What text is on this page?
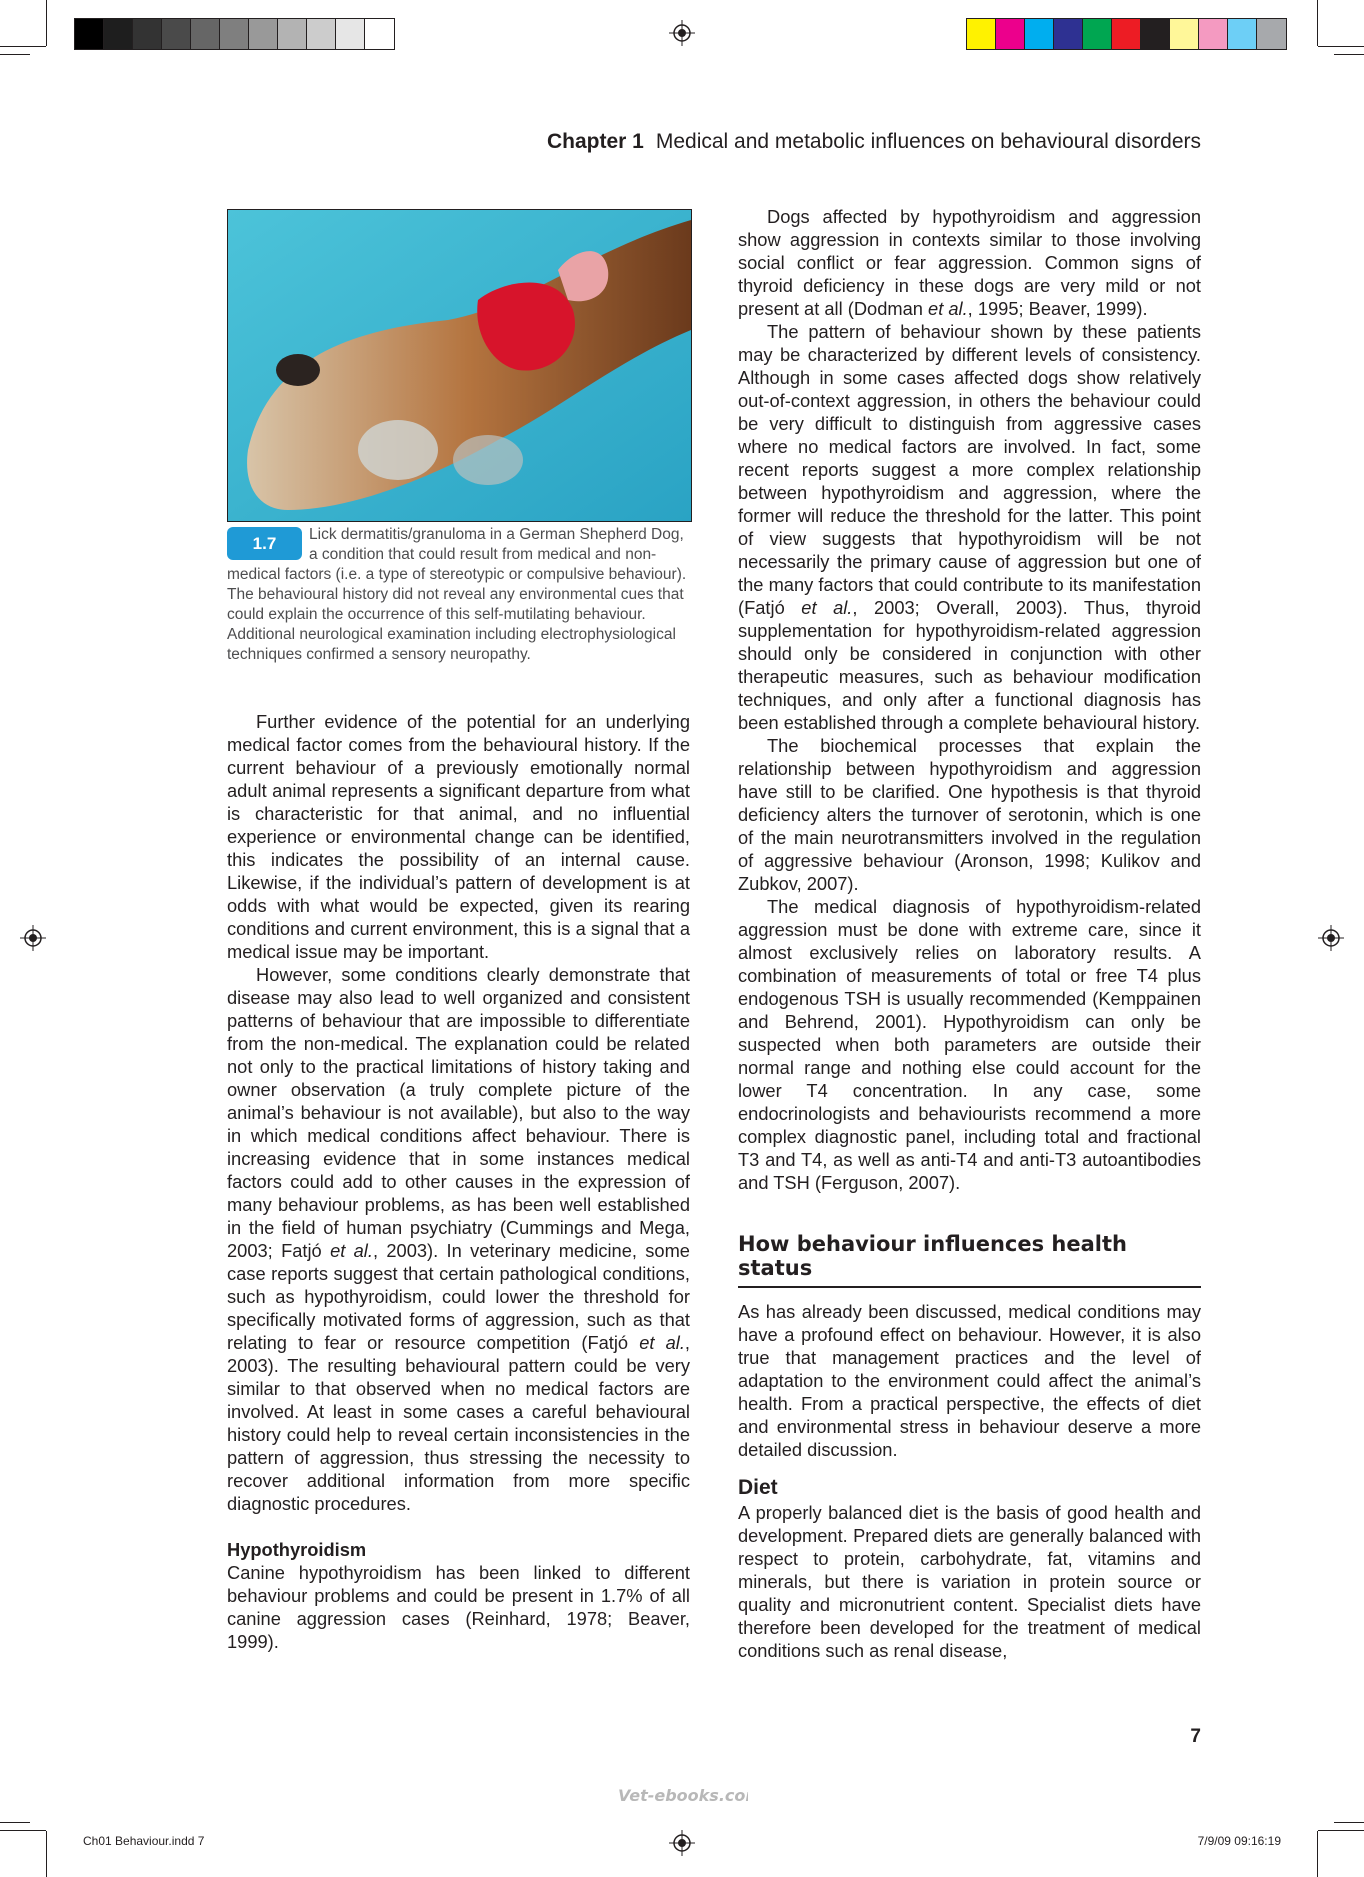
Chapter 1 Medical and metabolic influences on behavioural disorders
1.7	Lick dermatitis/granuloma in a German Shepherd Dog, a condition that could result from medical and non-medical factors (i.e. a type of stereotypic or compulsive behaviour). The behavioural history did not reveal any environmental cues that could explain the occurrence of this self-mutilating behaviour. Additional neurological examination including electrophysiological techniques confirmed a sensory neuropathy.

Further evidence of the potential for an underlying medical factor comes from the behavioural history. If the current behaviour of a previously emotionally normal adult animal represents a significant departure from what is characteristic for that animal, and no influential experience or environmental change can be identified, this indicates the possibility of an internal cause. Likewise, if the individual’s pattern of development is at odds with what would be expected, given its rearing conditions and current environment, this is a signal that a medical issue may be important.

However, some conditions clearly demonstrate that disease may also lead to well organized and consistent patterns of behaviour that are impossible to differentiate from the non-medical. The explanation could be related not only to the practical limitations of history taking and owner observation (a truly complete picture of the animal’s behaviour is not available), but also to the way in which medical conditions affect behaviour. There is increasing evidence that in some instances medical factors could add to other causes in the expression of many behaviour problems, as has been well established in the field of human psychiatry (Cummings and Mega, 2003; Fatjó et al., 2003). In veterinary medicine, some case reports suggest that certain pathological conditions, such as hypothyroidism, could lower the threshold for specifically motivated forms of aggression, such as that relating to fear or resource competition (Fatjó et al., 2003). The resulting behavioural pattern could be very similar to that observed when no medical factors are involved. At least in some cases a careful behavioural history could help to reveal certain inconsistencies in the pattern of aggression, thus stressing the necessity to recover additional information from more specific diagnostic procedures.

Hypothyroidism

Canine hypothyroidism has been linked to different behaviour problems and could be present in 1.7% of all canine aggression cases (Reinhard, 1978; Beaver, 1999).

Dogs affected by hypothyroidism and aggression show aggression in contexts similar to those involving social conflict or fear aggression. Common signs of thyroid deficiency in these dogs are very mild or not present at all (Dodman et al., 1995; Beaver, 1999).

The pattern of behaviour shown by these patients may be characterized by different levels of consistency. Although in some cases affected dogs show relatively out-of-context aggression, in others the behaviour could be very difficult to distinguish from aggressive cases where no medical factors are involved. In fact, some recent reports suggest a more complex relationship between hypothyroidism and aggression, where the former will reduce the threshold for the latter. This point of view suggests that hypothyroidism will be not necessarily the primary cause of aggression but one of the many factors that could contribute to its manifestation (Fatjó et al., 2003; Overall, 2003). Thus, thyroid supplementation for hypothyroidism-related aggression should only be considered in conjunction with other therapeutic measures, such as behaviour modification techniques, and only after a functional diagnosis has been established through a complete behavioural history.

The biochemical processes that explain the relationship between hypothyroidism and aggression have still to be clarified. One hypothesis is that thyroid deficiency alters the turnover of serotonin, which is one of the main neurotransmitters involved in the regulation of aggressive behaviour (Aronson, 1998; Kulikov and Zubkov, 2007).

The medical diagnosis of hypothyroidism-related aggression must be done with extreme care, since it almost exclusively relies on laboratory results. A combination of measurements of total or free T4 plus endogenous TSH is usually recommended (Kemppainen and Behrend, 2001). Hypothyroidism can only be suspected when both parameters are outside their normal range and nothing else could account for the lower T4 concentration. In any case, some endocrinologists and behaviourists recommend a more complex diagnostic panel, including total and fractional T3 and T4, as well as anti-T4 and anti-T3 autoantibodies and TSH (Ferguson, 2007).

How behaviour influences health status

As has already been discussed, medical conditions may have a profound effect on behaviour. However, it is also true that management practices and the level of adaptation to the environment could affect the animal’s health. From a practical perspective, the effects of diet and environmental stress in behaviour deserve a more detailed discussion.

Diet

A properly balanced diet is the basis of good health and development. Prepared diets are generally balanced with respect to protein, carbohydrate, fat, vitamins and minerals, but there is variation in protein source or quality and micronutrient content. Specialist diets have therefore been developed for the treatment of medical conditions such as renal disease,

7
Vet-ebooks.com
Ch01 Behaviour.indd 7	7/9/09 09:16:19
